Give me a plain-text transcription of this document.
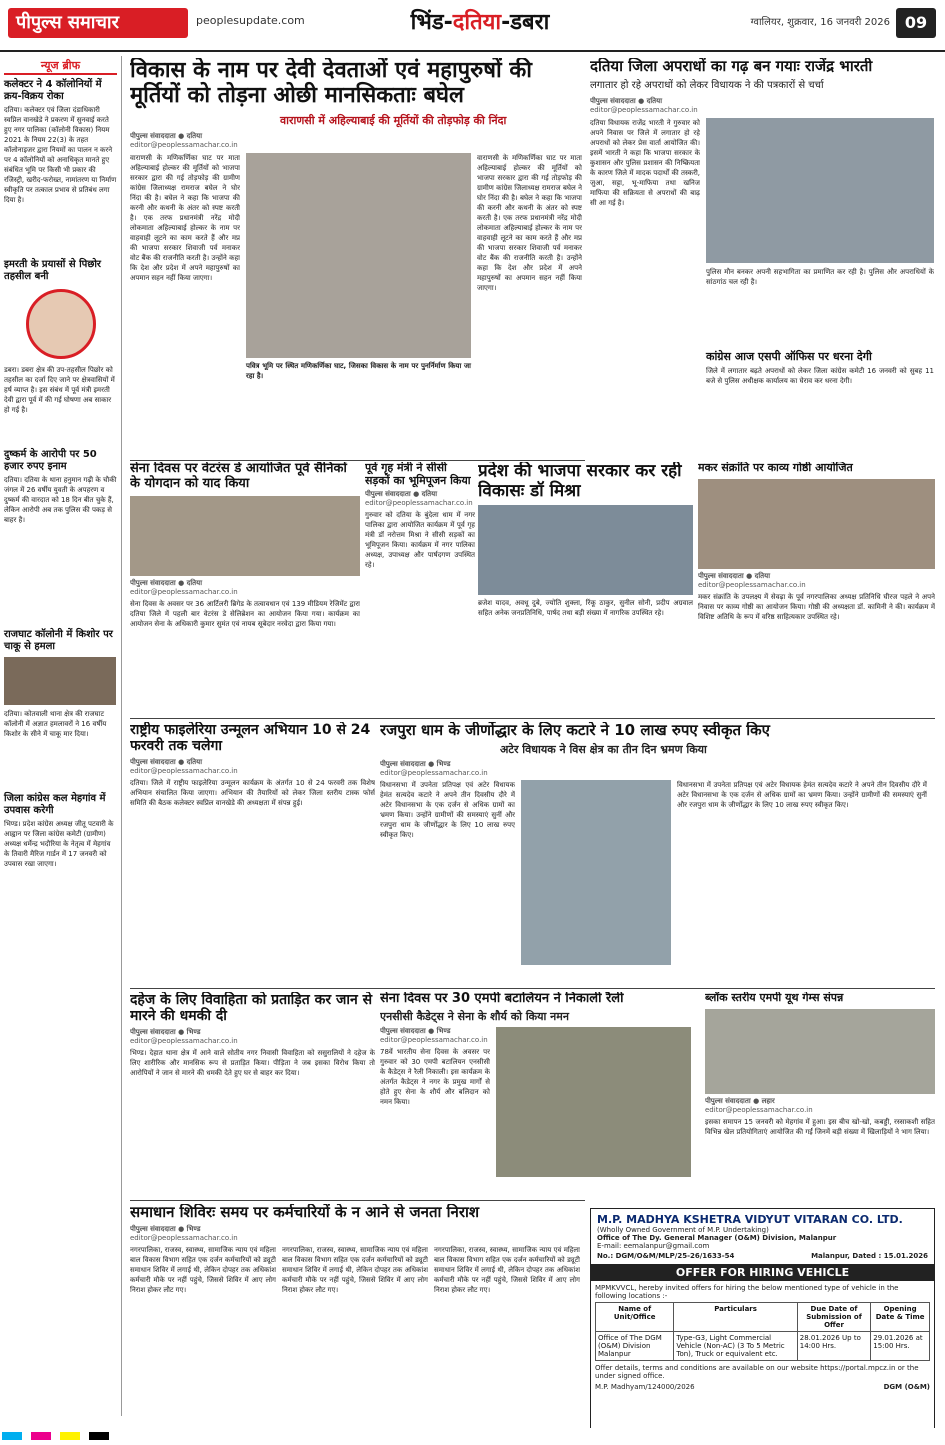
पीपुल्स समाचार	peoplesupdate.com	भिंड-दतिया-डबरा	ग्वालियर, शुक्रवार, 16 जनवरी 2026 09
न्यूज ब्रीफ
कलेक्टर ने 4 कॉलोनियों में क्रय-विक्रय रोका
दतिया। कलेक्टर एवं जिला दंडाधिकारी स्वप्निल वानखेडे ने प्रकरण में सुनवाई करते हुए नगर पालिका (कॉलोनी विकास) नियम 2021 के नियम 22(3) के तहत कॉलोनाइजर द्वारा नियमों का पालन न करने पर 4 कॉलोनियों को अनाधिकृत मानते हुए संबंधित भूमि पर किसी भी प्रकार की रजिस्ट्री, खरीद-फरोख्त, नामांतरण या निर्माण स्वीकृति पर तत्काल प्रभाव से प्रतिबंध लगा दिया है।
इमरती के प्रयासों से पिछोर तहसील बनी
डबरा। डबरा क्षेत्र की उप-तहसील पिछोर को तहसील का दर्जा दिए जाने पर क्षेत्रवासियों में हर्ष व्याप्त है। इस संबंध में पूर्व मंत्री इमरती देवी द्वारा पूर्व में की गई घोषणा अब साकार हो गई है।
दुष्कर्म के आरोपी पर 50 हजार रुपए इनाम
दतिया। दतिया के थाना हनुमान गढ़ी के चौकी जंगल में 26 वर्षीय युवती के अपहरण व दुष्कर्म की वारदात को 18 दिन बीत चुके हैं, लेकिन आरोपी अब तक पुलिस की पकड़ से बाहर है।
राजघाट कॉलोनी में किशोर पर चाकू से हमला
दतिया। कोतवाली थाना क्षेत्र की राजघाट कॉलोनी में अज्ञात हमलावरों ने 16 वर्षीय किशोर के सीने में चाकू मार दिया।
जिला कांग्रेस कल मेहगांव में उपवास करेगी
भिण्ड। प्रदेश कांग्रेस अध्यक्ष जीतू पटवारी के आह्वान पर जिला कांग्रेस कमेटी (ग्रामीण) अध्यक्ष धर्मेन्द्र भदौरिया के नेतृत्व में मेहगांव के तिवारी मैरिज गार्डन में 17 जनवरी को उपवास रखा जाएगा।
विकास के नाम पर देवी देवताओं एवं महापुरुषों की मूर्तियों को तोड़ना ओछी मानसिकताः बघेल
वाराणसी में अहिल्याबाई की मूर्तियों की तोड़फोड़ की निंदा
पीपुल्स संवाददाता ● दतिया
editor@peoplessamachar.co.in
वाराणसी के मणिकर्णिका घाट पर माता अहिल्याबाई होल्कर की मूर्तियों को भाजपा सरकार द्वारा की गई तोड़फोड़ की ग्रामीण कांग्रेस जिलाध्यक्ष रामराज बघेल ने घोर निंदा की है। बघेल ने कहा कि भाजपा की करनी और कथनी के अंतर को स्पष्ट करती है। एक तरफ प्रधानमंत्री नरेंद्र मोदी लोकमाता अहिल्याबाई होल्कर के नाम पर वाहवाही लूटने का काम करते हैं और मप्र की भाजपा सरकार शिवाजी पर्व मनाकर वोट बैंक की राजनीति करती है। उन्होंने कहा कि देश और प्रदेश में अपने महापुरुषों का अपमान सहन नहीं किया जाएगा।
पवित्र भूमि पर स्थित मणिकर्णिका घाट, जिसका विकास के नाम पर पुनर्निर्माण किया जा रहा है।
वाराणसी के मणिकर्णिका घाट पर माता अहिल्याबाई होल्कर की मूर्तियों को भाजपा सरकार द्वारा की गई तोड़फोड़ की ग्रामीण कांग्रेस जिलाध्यक्ष रामराज बघेल ने घोर निंदा की है। बघेल ने कहा कि भाजपा की करनी और कथनी के अंतर को स्पष्ट करती है। एक तरफ प्रधानमंत्री नरेंद्र मोदी लोकमाता अहिल्याबाई होल्कर के नाम पर वाहवाही लूटने का काम करते हैं और मप्र की भाजपा सरकार शिवाजी पर्व मनाकर वोट बैंक की राजनीति करती है। उन्होंने कहा कि देश और प्रदेश में अपने महापुरुषों का अपमान सहन नहीं किया जाएगा।
दतिया जिला अपराधों का गढ़ बन गयाः राजेंद्र भारती
लगातार हो रहे अपराधों को लेकर विधायक ने की पत्रकारों से चर्चा
पीपुल्स संवाददाता ● दतिया
editor@peoplessamachar.co.in
दतिया विधायक राजेंद्र भारती ने गुरुवार को अपने निवास पर जिले में लगातार हो रहे अपराधों को लेकर प्रेस वार्ता आयोजित की। इसमें भारती ने कहा कि भाजपा सरकार के कुशासन और पुलिस प्रशासन की निष्क्रियता के कारण जिले में मादक पदार्थों की तस्करी, जुआ, सट्टा, भू-माफिया तथा खनिज माफिया की सक्रियता से अपराधों की बाढ़ सी आ गई है।
पुलिस मौन बनकर अपनी सहभागिता का प्रमाणित कर रही है। पुलिस और अपराधियों के सांठगांठ चल रही है।
कांग्रेस आज एसपी ऑफिस पर धरना देगी
जिले में लगातार बढ़ते अपराधों को लेकर जिला कांग्रेस कमेटी 16 जनवरी को सुबह 11 बजे से पुलिस अधीक्षक कार्यालय का घेराव कर धरना देगी।
सेना दिवस पर वेटरंस डे आयोजित पूर्व सैनिकों के योगदान को याद किया
पीपुल्स संवाददाता ● दतिया
editor@peoplessamachar.co.in
सेना दिवस के अवसर पर 36 आर्टिलरी ब्रिगेड के तत्वावधान एवं 139 मीडियम रेजिमेंट द्वारा दतिया जिले में पहली बार वेटरंस डे सेलिब्रेशन का आयोजन किया गया। कार्यक्रम का आयोजन सेना के अधिकारी कुमार सुमंत एवं नायब सूबेदार नरवेदा द्वारा किया गया।
पूर्व गृह मंत्री ने सीसी सड़कों का भूमिपूजन किया
पीपुल्स संवाददाता ● दतिया
editor@peoplessamachar.co.in
गुरुवार को दतिया के बुंदेला धाम में नगर पालिका द्वारा आयोजित कार्यक्रम में पूर्व गृह मंत्री डॉ नरोत्तम मिश्रा ने सीसी सड़कों का भूमिपूजन किया। कार्यक्रम में नगर पालिका अध्यक्ष, उपाध्यक्ष और पार्षदगण उपस्थित रहे।
प्रदेश की भाजपा सरकार कर रही विकासः डॉ मिश्रा
ब्रजेश यादव, अवधू दुबे, ज्योति शुक्ला, रिंकू ठाकुर, सुनील सोनी, प्रदीप अग्रवाल सहित अनेक जनप्रतिनिधि, पार्षद तथा बड़ी संख्या में नागरिक उपस्थित रहे।
मकर संक्रांति पर काव्य गोष्ठी आयोजित
पीपुल्स संवाददाता ● दतिया
editor@peoplessamachar.co.in
मकर संक्रांति के उपलक्ष्य में सेवढ़ा के पूर्व नगरपालिका अध्यक्ष प्रतिनिधि घीरज पहले ने अपने निवास पर काव्य गोष्ठी का आयोजन किया। गोष्ठी की अध्यक्षता डॉ. कामिनी ने की। कार्यक्रम में विशिष्ट अतिथि के रूप में वरिष्ठ साहित्यकार उपस्थित रहे।
राष्ट्रीय फाइलेरिया उन्मूलन अभियान 10 से 24 फरवरी तक चलेगा
पीपुल्स संवाददाता ● दतिया
editor@peoplessamachar.co.in
दतिया। जिले में राष्ट्रीय फाइलेरिया उन्मूलन कार्यक्रम के अंतर्गत 10 से 24 फरवरी तक विशेष अभियान संचालित किया जाएगा। अभियान की तैयारियों को लेकर जिला स्तरीय टास्क फोर्स समिति की बैठक कलेक्टर स्वप्निल वानखेडे की अध्यक्षता में संपन्न हुई।
रजपुरा धाम के जीर्णोद्धार के लिए कटारे ने 10 लाख रुपए स्वीकृत किए
अटेर विधायक ने विस क्षेत्र का तीन दिन भ्रमण किया
पीपुल्स संवाददाता ● भिण्ड
editor@peoplessamachar.co.in
विधानसभा में उपनेता प्रतिपक्ष एवं अटेर विधायक हेमंत सत्यदेव कटारे ने अपने तीन दिवसीय दौरे में अटेर विधानसभा के एक दर्जन से अधिक ग्रामों का भ्रमण किया। उन्होंने ग्रामीणों की समस्याएं सुनीं और रजपुरा धाम के जीर्णोद्धार के लिए 10 लाख रुपए स्वीकृत किए।
विधानसभा में उपनेता प्रतिपक्ष एवं अटेर विधायक हेमंत सत्यदेव कटारे ने अपने तीन दिवसीय दौरे में अटेर विधानसभा के एक दर्जन से अधिक ग्रामों का भ्रमण किया। उन्होंने ग्रामीणों की समस्याएं सुनीं और रजपुरा धाम के जीर्णोद्धार के लिए 10 लाख रुपए स्वीकृत किए।
दहेज के लिए विवाहिता को प्रताड़ित कर जान से मारने की धमकी दी
पीपुल्स संवाददाता ● भिण्ड
editor@peoplessamachar.co.in
भिण्ड। देहात थाना क्षेत्र में आने वाले सोतीय नगर निवासी विवाहिता को ससुरालियों ने दहेज के लिए शारीरिक और मानसिक रूप से प्रताड़ित किया। पीड़िता ने जब इसका विरोध किया तो आरोपियों ने जान से मारने की धमकी देते हुए घर से बाहर कर दिया।
सेना दिवस पर 30 एमपी बटालियन ने निकाली रैली
एनसीसी कैडेट्स ने सेना के शौर्य को किया नमन
पीपुल्स संवाददाता ● भिण्ड
editor@peoplessamachar.co.in
78वें भारतीय सेना दिवस के अवसर पर गुरुवार को 30 एमपी बटालियन एनसीसी के कैडेट्स ने रैली निकाली। इस कार्यक्रम के अंतर्गत कैडेट्स ने नगर के प्रमुख मार्गों से होते हुए सेना के शौर्य और बलिदान को नमन किया।
ब्लॉक स्तरीय एमपी यूथ गेम्स संपन्न
पीपुल्स संवाददाता ● लहार
editor@peoplessamachar.co.in
इसका समापन 15 जनवरी को मेहगांव में हुआ। इस बीच खो-खो, कबड्डी, रस्साकशी सहित विभिन्न खेल प्रतियोगिताएं आयोजित की गईं जिनमें बड़ी संख्या में खिलाड़ियों ने भाग लिया।
समाधान शिविरः समय पर कर्मचारियों के न आने से जनता निराश
पीपुल्स संवाददाता ● भिण्ड
editor@peoplessamachar.co.in
नगरपालिका, राजस्व, स्वास्थ्य, सामाजिक न्याय एवं महिला बाल विकास विभाग सहित एक दर्जन कर्मचारियों को ड्यूटी समाधान शिविर में लगाई थी, लेकिन दोपहर तक अधिकांश कर्मचारी मौके पर नहीं पहुंचे, जिससे शिविर में आए लोग निराश होकर लौट गए।
नगरपालिका, राजस्व, स्वास्थ्य, सामाजिक न्याय एवं महिला बाल विकास विभाग सहित एक दर्जन कर्मचारियों को ड्यूटी समाधान शिविर में लगाई थी, लेकिन दोपहर तक अधिकांश कर्मचारी मौके पर नहीं पहुंचे, जिससे शिविर में आए लोग निराश होकर लौट गए।
नगरपालिका, राजस्व, स्वास्थ्य, सामाजिक न्याय एवं महिला बाल विकास विभाग सहित एक दर्जन कर्मचारियों को ड्यूटी समाधान शिविर में लगाई थी, लेकिन दोपहर तक अधिकांश कर्मचारी मौके पर नहीं पहुंचे, जिससे शिविर में आए लोग निराश होकर लौट गए।
M.P. MADHYA KSHETRA VIDYUT VITARAN CO. LTD.
(Wholly Owned Government of M.P. Undertaking)
Office of The Dy. General Manager (O&M) Division, Malanpur
E-mail: eemalanpur@gmail.com
No.: DGM/O&M/MLP/25-26/1633-54	Malanpur, Dated : 15.01.2026
OFFER FOR HIRING VEHICLE
MPMKVVCL, hereby invited offers for hiring the below mentioned type of vehicle in the following locations :-
Name of Unit/Office	Particulars	Due Date of Submission of Offer	Opening Date & Time
Office of The DGM (O&M) Division Malanpur	Type-G3, Light Commercial Vehicle (Non-AC) (3 To 5 Metric Ton), Truck or equivalent etc.	28.01.2026 Up to 14:00 Hrs.	29.01.2026 at 15:00 Hrs.
Offer details, terms and conditions are available on our website https://portal.mpcz.in or the under signed office.
M.P. Madhyam/124000/2026	DGM (O&M)
